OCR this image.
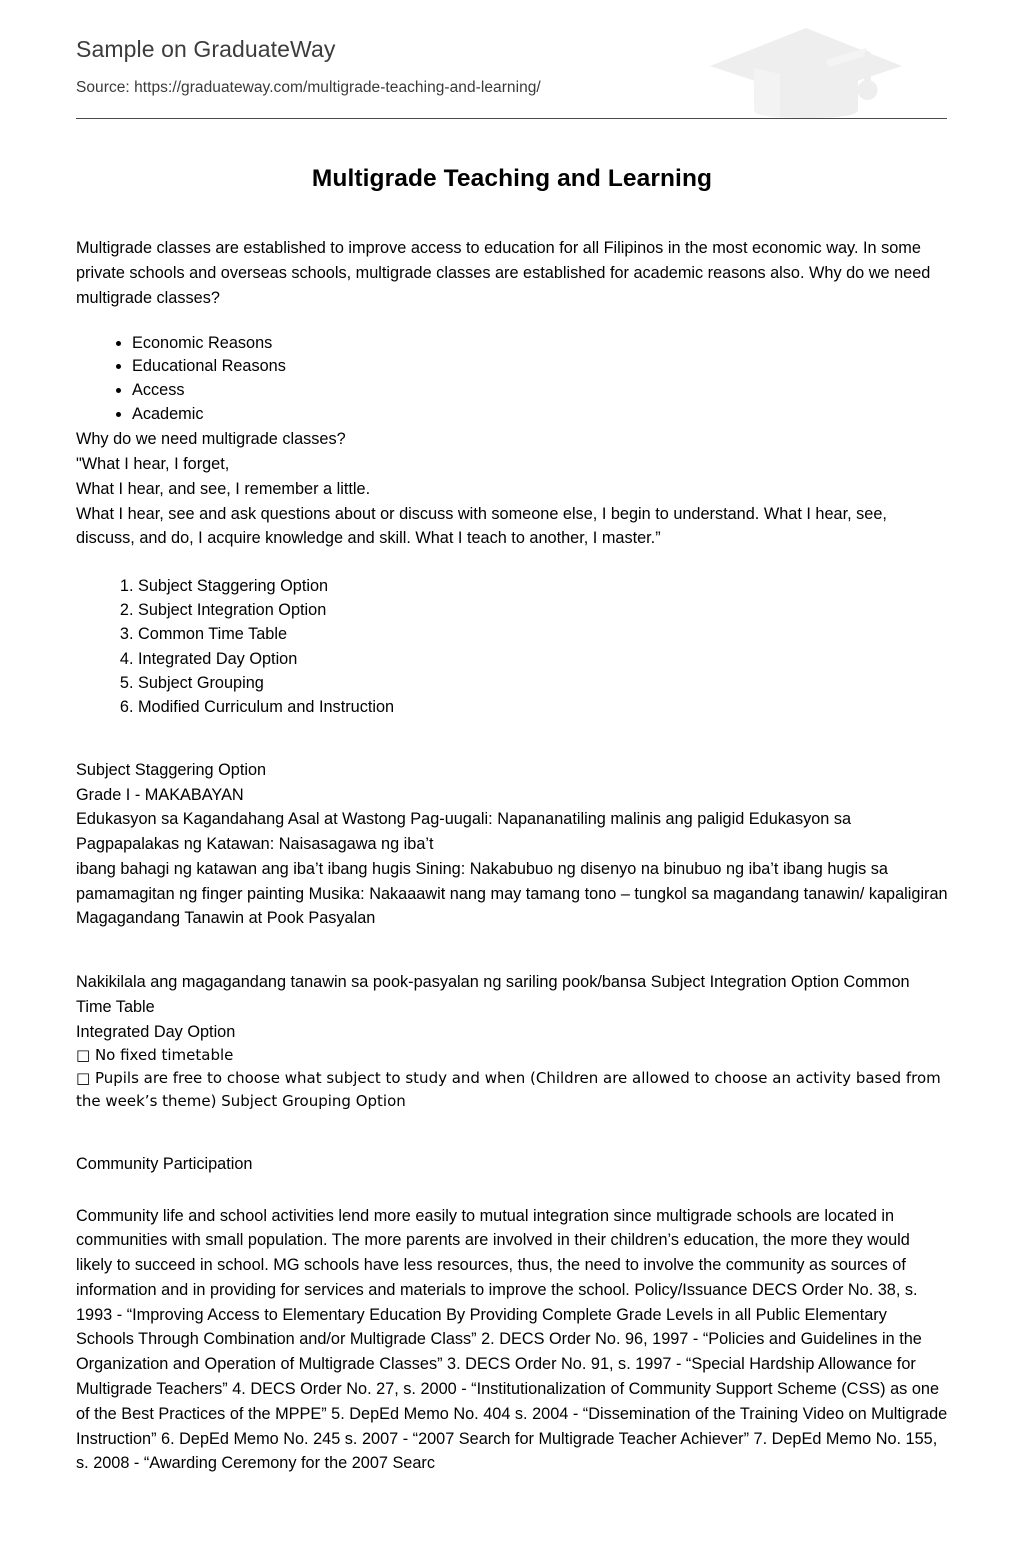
Sample on GraduateWay
Source: https://graduateway.com/multigrade-teaching-and-learning/
Multigrade Teaching and Learning

Multigrade classes are established to improve access to education for all Filipinos in the most economic way. In some private schools and overseas schools, multigrade classes are established for academic reasons also. Why do we need multigrade classes?

• Economic Reasons
• Educational Reasons
• Access
• Academic
Why do we need multigrade classes?
"What I hear, I forget,
What I hear, and see, I remember a little.
What I hear, see and ask questions about or discuss with someone else, I begin to understand. What I hear, see, discuss, and do, I acquire knowledge and skill. What I teach to another, I master.”
1. Subject Staggering Option
2. Subject Integration Option
3. Common Time Table
4. Integrated Day Option
5. Subject Grouping
6. Modified Curriculum and Instruction

Subject Staggering Option

Grade I - MAKABAYAN
Edukasyon sa Kagandahang Asal at Wastong Pag-uugali: Napananatiling malinis ang paligid Edukasyon sa Pagpapalakas ng Katawan: Naisasagawa ng iba’t
ibang bahagi ng katawan ang iba’t ibang hugis Sining: Nakabubuo ng disenyo na binubuo ng iba’t ibang hugis sa pamamagitan ng finger painting Musika: Nakaaawit nang may tamang tono – tungkol sa magandang tanawin/ kapaligiran Magagandang Tanawin at Pook Pasyalan

Nakikilala ang magagandang tanawin sa pook-pasyalan ng sariling pook/bansa Subject Integration Option Common Time Table

Integrated Day Option
□ No fixed timetable
□ Pupils are free to choose what subject to study and when (Children are allowed to choose an activity based from the week’s theme) Subject Grouping Option

Community Participation

Community life and school activities lend more easily to mutual integration since multigrade schools are located in communities with small population. The more parents are involved in their children’s education, the more they would likely to succeed in school. MG schools have less resources, thus, the need to involve the community as sources of information and in providing for services and materials to improve the school. Policy/Issuance DECS Order No. 38, s. 1993 - “Improving Access to Elementary Education By Providing Complete Grade Levels in all Public Elementary Schools Through Combination and/or Multigrade Class” 2. DECS Order No. 96, 1997 - “Policies and Guidelines in the Organization and Operation of Multigrade Classes” 3. DECS Order No. 91, s. 1997 - “Special Hardship Allowance for Multigrade Teachers” 4. DECS Order No. 27, s. 2000 - “Institutionalization of Community Support Scheme (CSS) as one of the Best Practices of the MPPE” 5. DepEd Memo No. 404 s. 2004 - “Dissemination of the Training Video on Multigrade Instruction” 6. DepEd Memo No. 245 s. 2007 - “2007 Search for Multigrade Teacher Achiever” 7. DepEd Memo No. 155, s. 2008 - “Awarding Ceremony for the 2007 Searc
